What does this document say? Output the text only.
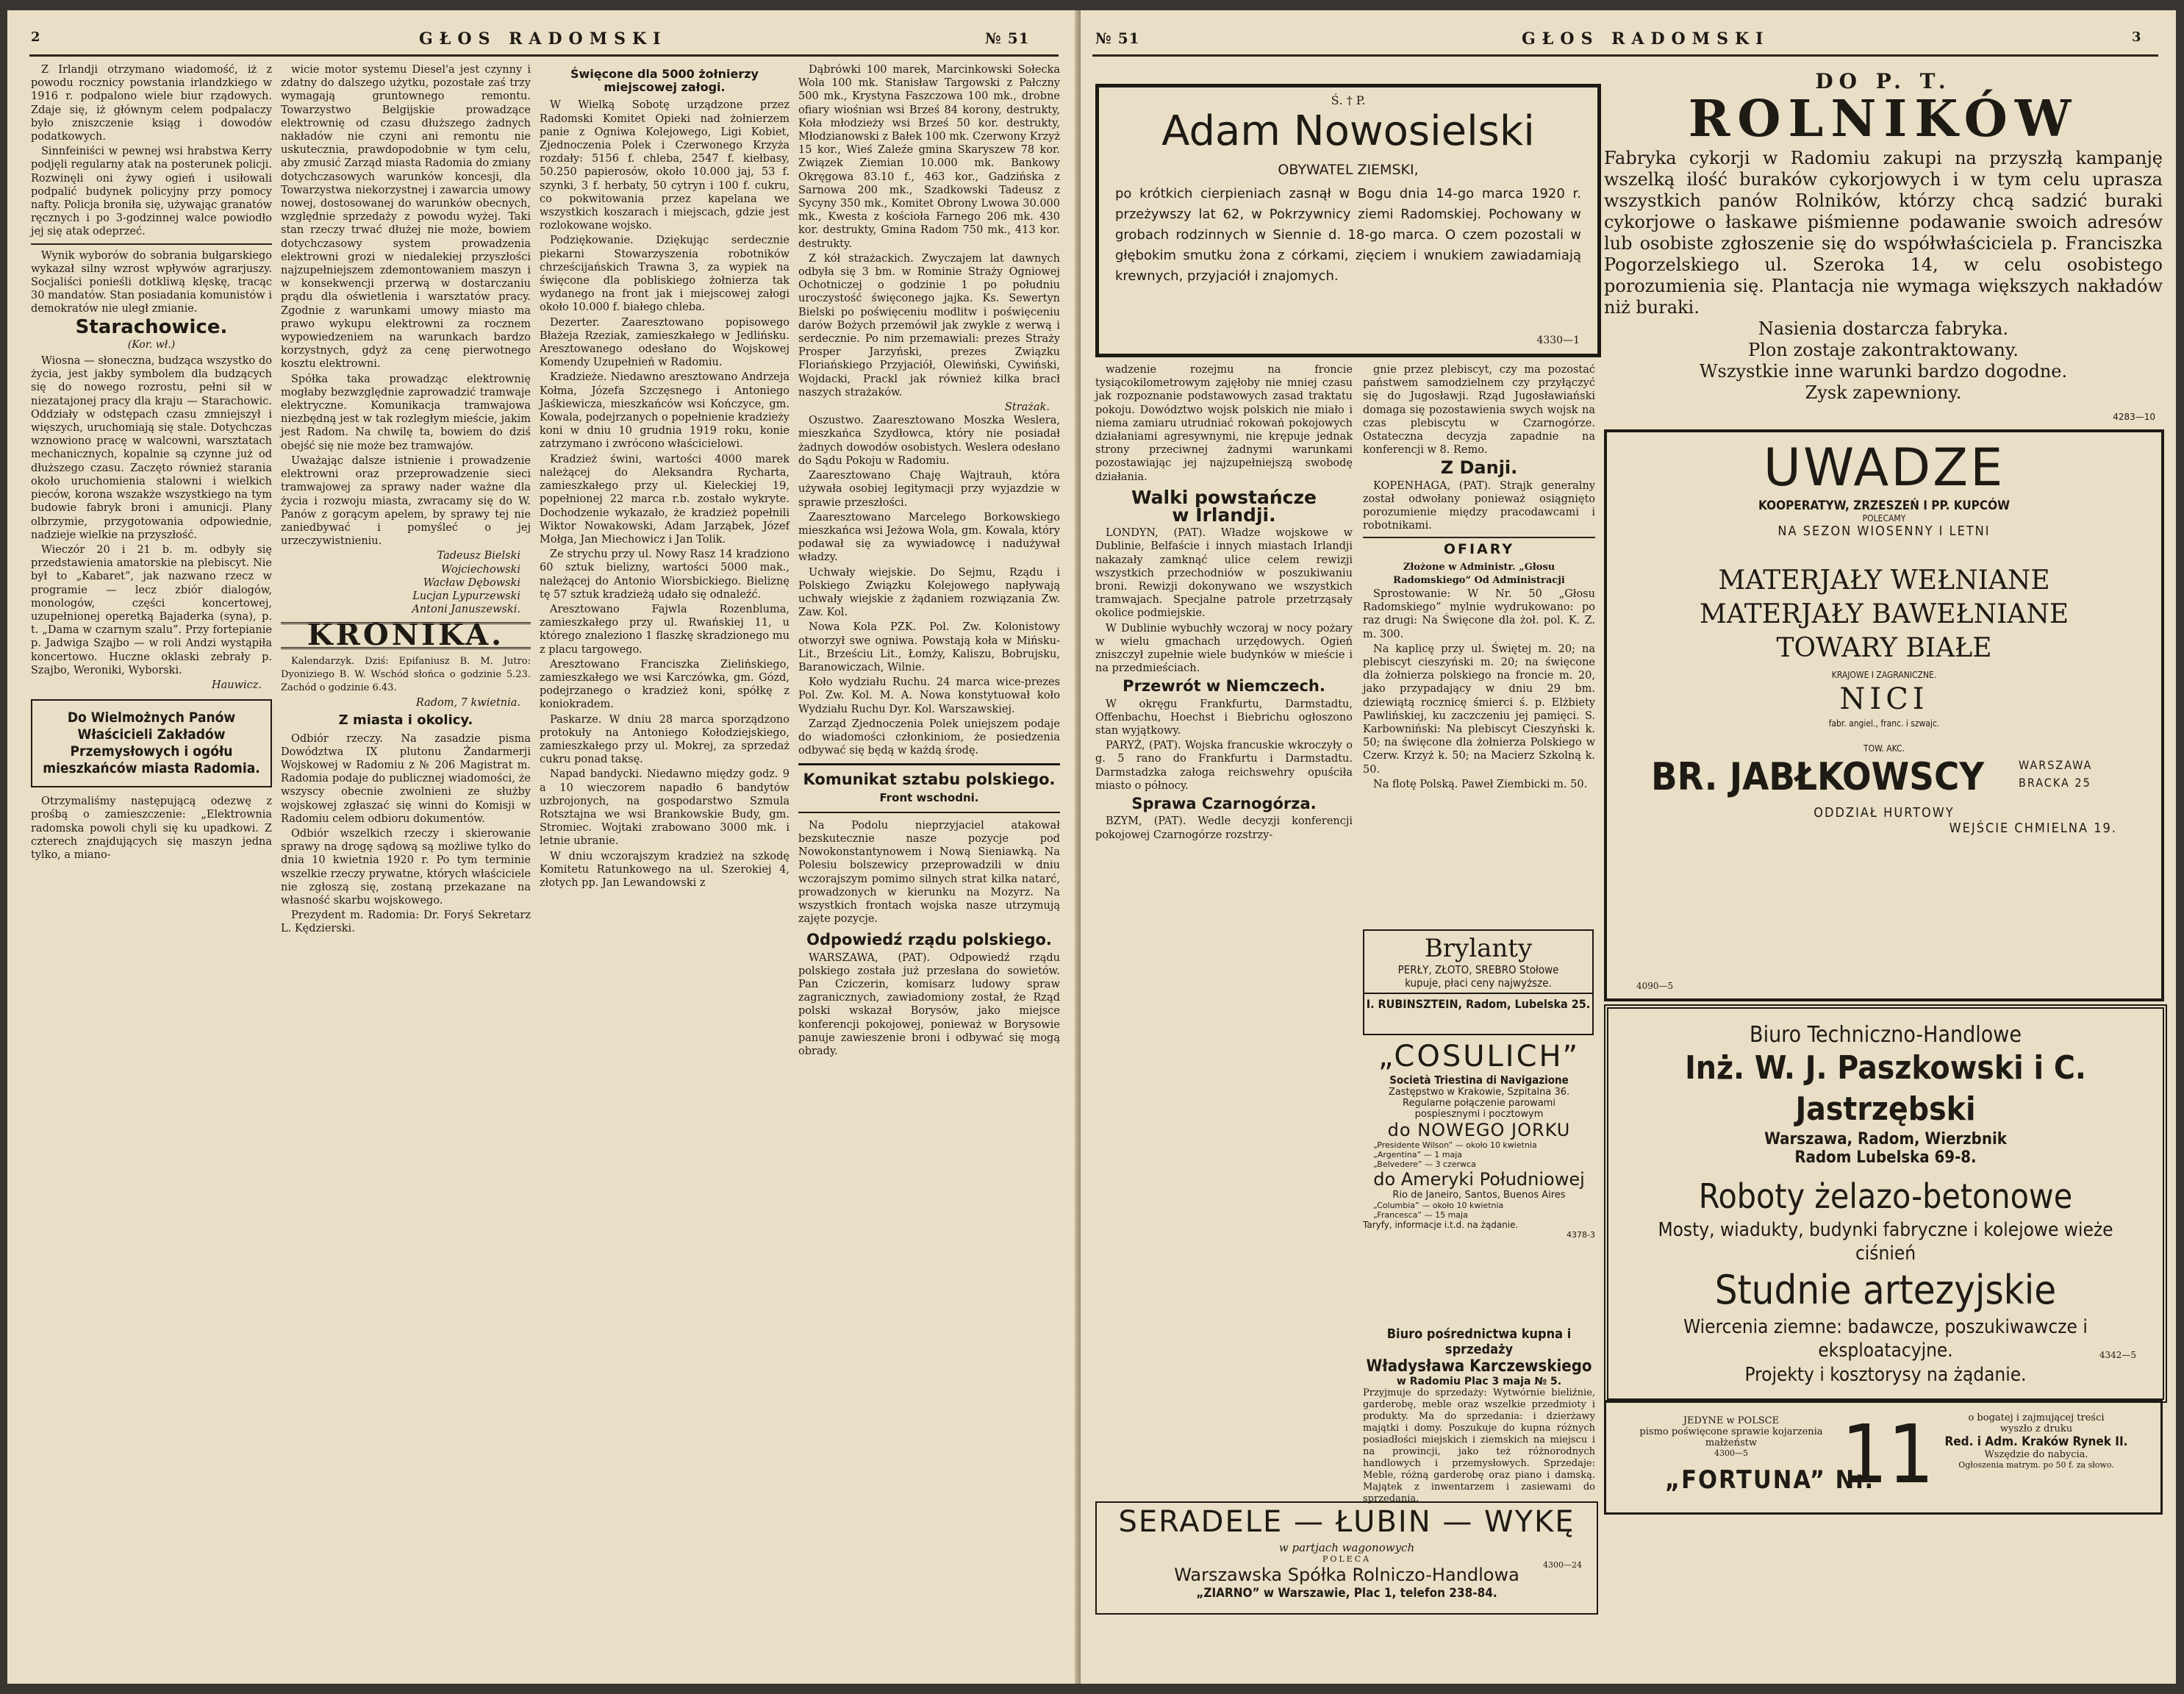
2	GŁOS RADOMSKI	№ 51

Z Irlandji otrzymano wiadomość, iż z powodu rocznicy powstania irlandzkiego w 1916 r. podpalono wiele biur rządowych. Zdaje się, iż głównym celem podpalaczy było zniszczenie ksiąg i dowodów podatkowych.

Sinnfeiniści w pewnej wsi hrabstwa Kerry podjęli regularny atak na posterunek policji. Rozwinęli oni żywy ogień i usiłowali podpalić budynek policyjny przy pomocy nafty. Policja broniła się, używając granatów ręcznych i po 3-godzinnej walce powiodło jej się atak odeprzeć.

Wynik wyborów do sobrania bułgarskiego wykazał silny wzrost wpływów agrarjuszy. Socjaliści ponieśli dotkliwą klęskę, tracąc 30 mandatów. Stan posiadania komunistów i demokratów nie uległ zmianie.

Starachowice.
(Kor. wł.)

Wiosna — słoneczna, budząca wszystko do życia, jest jakby symbolem dla budzących się do nowego rozrostu, pełni sił w niezatajonej pracy dla kraju — Starachowic. Oddziały w odstępach czasu zmniejszył i więszych, uruchomiają się stale. Dotychczas wznowiono pracę w walcowni, warsztatach mechanicznych, kopalnie są czynne już od dłuższego czasu. Zaczęto również starania około uruchomienia stalowni i wielkich pieców, korona wszakże wszystkiego na tym budowie fabryk broni i amunicji. Plany olbrzymie, przygotowania odpowiednie, nadzieje wielkie na przyszłość.

Wieczór 20 i 21 b. m. odbyły się przedstawienia amatorskie na plebiscyt. Nie był to „Kabaret”, jak nazwano rzecz w programie — lecz zbiór dialogów, monologów, części koncertowej, uzupełnionej operetką Bajaderka (syna), p. t. „Dama w czarnym szalu”. Przy fortepianie p. Jadwiga Szajbo — w roli Andzi wystąpiła koncertowo. Huczne oklaski zebrały p. Szajbo, Weroniki, Wyborski.

Hauwicz.
Do Wielmożnych Panów Właścicieli Zakładów Przemysłowych i ogółu mieszkańców miasta Radomia.

Otrzymaliśmy następującą odezwę z prośbą o zamieszczenie: „Elektrownia radomska powoli chyli się ku upadkowi. Z czterech znajdujących się maszyn jedna tylko, a miano-

wicie motor systemu Diesel'a jest czynny i zdatny do dalszego użytku, pozostałe zaś trzy wymagają gruntownego remontu. Towarzystwo Belgijskie prowadzące elektrownię od czasu dłuższego żadnych nakładów nie czyni ani remontu nie uskutecznia, prawdopodobnie w tym celu, aby zmusić Zarząd miasta Radomia do zmiany dotychczasowych warunków koncesji, dla Towarzystwa niekorzystnej i zawarcia umowy nowej, dostosowanej do warunków obecnych, względnie sprzedaży z powodu wyżej. Taki stan rzeczy trwać dłużej nie może, bowiem dotychczasowy system prowadzenia elektrowni grozi w niedalekiej przyszłości najzupełniejszem zdemontowaniem maszyn i w konsekwencji przerwą w dostarczaniu prądu dla oświetlenia i warsztatów pracy. Zgodnie z warunkami umowy miasto ma prawo wykupu elektrowni za rocznem wypowiedzeniem na warunkach bardzo korzystnych, gdyż za cenę pierwotnego kosztu elektrowni.

Spółka taka prowadząc elektrownię mogłaby bezwzględnie zaprowadzić tramwaje elektryczne. Komunikacja tramwajowa niezbędną jest w tak rozległym mieście, jakim jest Radom. Na chwilę ta, bowiem do dziś obejść się nie może bez tramwajów.

Uważając dalsze istnienie i prowadzenie elektrowni oraz przeprowadzenie sieci tramwajowej za sprawy nader ważne dla życia i rozwoju miasta, zwracamy się do W. Panów z gorącym apelem, by sprawy tej nie zaniedbywać i pomyśleć o jej urzeczywistnieniu.

Tadeusz Bielski
Wojciechowski
Wacław Dębowski
Lucjan Lypurzewski
Antoni Januszewski.
KRONIKA.

Kalendarzyk. Dziś: Epifaniusz B. M. Jutro: Dyoniziego B. W. Wschód słońca o godzinie 5.23. Zachód o godzinie 6.43.

Radom, 7 kwietnia.
Z miasta i okolicy.

Odbiór rzeczy. Na zasadzie pisma Dowództwa IX plutonu Żandarmerji Wojskowej w Radomiu z № 206 Magistrat m. Radomia podaje do publicznej wiadomości, że wszyscy obecnie zwolnieni ze służby wojskowej zgłaszać się winni do Komisji w Radomiu celem odbioru dokumentów.

Odbiór wszelkich rzeczy i skierowanie sprawy na drogę sądową są możliwe tylko do dnia 10 kwietnia 1920 r. Po tym terminie wszelkie rzeczy prywatne, których właściciele nie zgłoszą się, zostaną przekazane na własność skarbu wojskowego.

Prezydent m. Radomia: Dr. Foryś Sekretarz L. Kędzierski.

Święcone dla 5000 żołnierzy miejscowej załogi.

W Wielką Sobotę urządzone przez Radomski Komitet Opieki nad żołnierzem panie z Ogniwa Kolejowego, Ligi Kobiet, Zjednoczenia Polek i Czerwonego Krzyża rozdały: 5156 f. chleba, 2547 f. kiełbasy, 50.250 papierosów, około 10.000 jaj, 53 f. szynki, 3 f. herbaty, 50 cytryn i 100 f. cukru, co pokwitowania przez kapelana we wszystkich koszarach i miejscach, gdzie jest rozlokowane wojsko.

Podziękowanie. Dziękując serdecznie piekarni Stowarzyszenia robotników chrześcijańskich Trawna 3, za wypiek na święcone dla pobliskiego żołnierza tak wydanego na front jak i miejscowej załogi około 10.000 f. białego chleba.

Dezerter. Zaaresztowano popisowego Błażeja Rzeziak, zamieszkałego w Jedlińsku. Aresztowanego odesłano do Wojskowej Komendy Uzupełnień w Radomiu.

Kradzieże. Niedawno aresztowano Andrzeja Kołma, Józefa Szczęsnego i Antoniego Jaśkiewicza, mieszkańców wsi Kończyce, gm. Kowala, podejrzanych o popełnienie kradzieży koni w dniu 10 grudnia 1919 roku, konie zatrzymano i zwrócono właścicielowi.

Kradzież świni, wartości 4000 marek należącej do Aleksandra Rycharta, zamieszkałego przy ul. Kieleckiej 19, popełnionej 22 marca r.b. zostało wykryte. Dochodzenie wykazało, że kradzież popełnili Wiktor Nowakowski, Adam Jarząbek, Józef Mołga, Jan Miechowicz i Jan Tolik.

Ze strychu przy ul. Nowy Rasz 14 kradziono 60 sztuk bielizny, wartości 5000 mak., należącej do Antonio Wiorsbickiego. Bieliznę tę 57 sztuk kradzieżą udało się odnaleźć.

Aresztowano Fajwla Rozenbluma, zamieszkałego przy ul. Rwańskiej 11, u którego znaleziono 1 flaszkę skradzionego mu z placu targowego.

Aresztowano Franciszka Zielińskiego, zamieszkałego we wsi Karczówka, gm. Gózd, podejrzanego o kradzież koni, spółkę z koniokradem.

Paskarze. W dniu 28 marca sporządzono protokuły na Antoniego Kołodziejskiego, zamieszkałego przy ul. Mokrej, za sprzedaż cukru ponad taksę.

Napad bandycki. Niedawno między godz. 9 a 10 wieczorem napadło 6 bandytów uzbrojonych, na gospodarstwo Szmula Rotsztajna we wsi Brankowskie Budy, gm. Stromiec. Wojtaki zrabowano 3000 mk. i letnie ubranie.

W dniu wczorajszym kradzież na szkodę Komitetu Ratunkowego na ul. Szerokiej 4, złotych pp. Jan Lewandowski z

Dąbrówki 100 marek, Marcinkowski Sołecka Wola 100 mk. Stanisław Targowski z Pałczny 500 mk., Krystyna Faszczowa 100 mk., drobne ofiary wiośnian wsi Brześ 84 korony, destrukty, Koła młodzieży wsi Brześ 50 kor. destrukty, Młodzianowski z Bałek 100 mk. Czerwony Krzyż 15 kor., Wieś Zaleźe gmina Skaryszew 78 kor. Związek Ziemian 10.000 mk. Bankowy Okręgowa 83.10 f., 463 kor., Gadzińska z Sarnowa 200 mk., Szadkowski Tadeusz z Sycyny 350 mk., Komitet Obrony Lwowa 30.000 mk., Kwesta z kościoła Farnego 206 mk. 430 kor. destrukty, Gmina Radom 750 mk., 413 kor. destrukty.

Z kół strażackich. Zwyczajem lat dawnych odbyła się 3 bm. w Rominie Straży Ogniowej Ochotniczej o godzinie 1 po południu uroczystość święconego jajka. Ks. Sewertyn Bielski po poświęceniu modlitw i poświęceniu darów Bożych przemówił jak zwykle z werwą i serdecznie. Po nim przemawiali: prezes Straży Prosper Jarzyński, prezes Związku Floriańskiego Przyjaciół, Olewiński, Cywiński, Wojdacki, Prackl jak również kilka bracł naszych strażaków.

Strażak.

Oszustwo. Zaaresztowano Moszka Weslera, mieszkańca Szydłowca, który nie posiadał żadnych dowodów osobistych. Weslera odesłano do Sądu Pokoju w Radomiu.

Zaaresztowano Chaję Wajtrauh, która używała osobiej legitymacji przy wyjazdzie w sprawie przeszłości.

Zaaresztowano Marcelego Borkowskiego mieszkańca wsi Jeżowa Wola, gm. Kowala, który podawał się za wywiadowcę i nadużywał władzy.

Uchwały wiejskie. Do Sejmu, Rządu i Polskiego Związku Kolejowego napływają uchwały wiejskie z żądaniem rozwiązania Zw. Zaw. Kol.

Nowa Kola PZK. Pol. Zw. Kolonistowy otworzył swe ogniwa. Powstają koła w Mińsku-Lit., Brześciu Lit., Łomży, Kaliszu, Bobrujsku, Baranowiczach, Wilnie.

Koło wydziału Ruchu. 24 marca wice-prezes Pol. Zw. Kol. M. A. Nowa konstytuował koło Wydziału Ruchu Dyr. Kol. Warszawskiej.

Zarząd Zjednoczenia Polek uniejszem podaje do wiadomości członkiniom, że posiedzenia odbywać się będą w każdą środę.

Komunikat sztabu polskiego.
Front wschodni.

Na Podolu nieprzyjaciel atakował bezskutecznie nasze pozycje pod Nowokonstantynowem i Nową Sieniawką. Na Polesiu bolszewicy przeprowadzili w dniu wczorajszym pomimo silnych strat kilka natarć, prowadzonych w kierunku na Mozyrz. Na wszystkich frontach wojska nasze utrzymują zajęte pozycje.

Odpowiedź rządu polskiego.

WARSZAWA, (PAT). Odpowiedź rządu polskiego została już przesłana do sowietów. Pan Cziczerin, komisarz ludowy spraw zagranicznych, zawiadomiony został, że Rząd polski wskazał Borysów, jako miejsce konferencji pokojowej, ponieważ w Borysowie panuje zawieszenie broni i odbywać się mogą obrady.

№ 51	GŁOS RADOMSKI	3
Ś. † P.
Adam Nowosielski
OBYWATEL ZIEMSKI,
po krótkich cierpieniach zasnął w Bogu dnia 14-go marca 1920 r. przeżywszy lat 62, w Pokrzywnicy ziemi Radomskiej. Pochowany w grobach rodzinnych w Siennie d. 18-go marca. O czem pozostali w głębokim smutku żona z córkami, zięciem i wnukiem zawiadamiają krewnych, przyjaciół i znajomych.
4330—1

wadzenie rozejmu na froncie tysiącokilometrowym zajęłoby nie mniej czasu jak rozpoznanie podstawowych zasad traktatu pokoju. Dowództwo wojsk polskich nie miało i niema zamiaru utrudniać rokowań pokojowych działaniami agresywnymi, nie krępuje jednak strony przeciwnej żadnymi warunkami pozostawiając jej najzupełniejszą swobodę działania.

Walki powstańcze
w Irlandji.

LONDYN, (PAT). Władze wojskowe w Dublinie, Belfaście i innych miastach Irlandji nakazały zamknąć ulice celem rewizji wszystkich przechodniów w poszukiwaniu broni. Rewizji dokonywano we wszystkich tramwajach. Specjalne patrole przetrząsały okolice podmiejskie.

W Dublinie wybuchły wczoraj w nocy pożary w wielu gmachach urzędowych. Ogień zniszczył zupełnie wiele budynków w mieście i na przedmieściach.

Przewrót w Niemczech.

W okręgu Frankfurtu, Darmstadtu, Offenbachu, Hoechst i Biebrichu ogłoszono stan wyjątkowy.

PARYŻ, (PAT). Wojska francuskie wkroczyły o g. 5 rano do Frankfurtu i Darmstadtu. Darmstadzka załoga reichswehry opuściła miasto o północy.

Sprawa Czarnogórza.

BZYM, (PAT). Wedle decyzji konferencji pokojowej Czarnogórze rozstrzy-

gnie przez plebiscyt, czy ma pozostać państwem samodzielnem czy przyłączyć się do Jugosławji. Rząd Jugosławiański domaga się pozostawienia swych wojsk na czas plebiscytu w Czarnogórze. Ostateczna decyzja zapadnie na konferencji w 8. Remo.

Z Danji.

KOPENHAGA, (PAT). Strajk generalny został odwołany ponieważ osiągnięto porozumienie między pracodawcami i robotnikami.

OFIARY
Złożone w Administr. „Głosu Radomskiego” Od Administracji

Sprostowanie: W Nr. 50 „Głosu Radomskiego” mylnie wydrukowano: po raz drugi: Na Święcone dla żoł. pol. K. Z. m. 300.

Na kaplicę przy ul. Świętej m. 20; na plebiscyt cieszyński m. 20; na święcone dla żołnierza polskiego na froncie m. 20, jako przypadający w dniu 29 bm. dziewiątą rocznicę śmierci ś. p. Elżbiety Pawlińskiej, ku zaczczeniu jej pamięci. S. Karbowniński: Na plebiscyt Cieszyński k. 50; na święcone dla żołnierza Polskiego w Czerw. Krzyż k. 50; na Macierz Szkolną k. 50.

Na flotę Polską. Paweł Ziembicki m. 50.

Brylanty
PERŁY, ZŁOTO, SREBRO Stołowe
kupuje, płaci ceny najwyższe.
I. RUBINSZTEIN, Radom, Lubelska 25.
„COSULICH”
Società Triestina di Navigazione
Zastępstwo w Krakowie, Szpitalna 36.
Regularne połączenie parowami
pospiesznymi i pocztowym
do NOWEGO JORKU
„Presidente Wilson” — około 10 kwietnia
„Argentina” — 1 maja
„Belvedere” — 3 czerwca
do Ameryki Południowej
Rio de Janeiro, Santos, Buenos Aires
„Columbia” — około 10 kwietnia
„Francesca” — 15 maja
Taryfy, informacje i.t.d. na żądanie.
4378-3
Biuro pośrednictwa kupna i sprzedaży
Władysława Karczewskiego
w Radomiu Plac 3 maja № 5.
Przyjmuje do sprzedaży: Wytwórnie bieliźnie, garderobę, meble oraz wszelkie przedmioty i produkty. Ma do sprzedania: i dzierżawy majątki i domy. Poszukuje do kupna różnych posiadłości miejskich i ziemskich na miejscu i na prowincji, jako też różnorodnych handlowych i przemysłowych. Sprzedaje: Meble, różną garderobę oraz piano i damską. Majątek z inwentarzem i zasiewami do sprzedania.
DO P. T.
ROLNIKÓW
Fabryka cykorji w Radomiu zakupi na przyszłą kampanję wszelką ilość buraków cykorjowych i w tym celu uprasza wszystkich panów Rolników, którzy chcą sadzić buraki cykorjowe o łaskawe piśmienne podawanie swoich adresów lub osobiste zgłoszenie się do współwłaściciela p. Franciszka Pogorzelskiego ul. Szeroka 14, w celu osobistego porozumienia się. Plantacja nie wymaga większych nakładów niż buraki.
Nasienia dostarcza fabryka.
Plon zostaje zakontraktowany.
Wszystkie inne warunki bardzo dogodne.
Zysk zapewniony.
4283—10
UWADZE
KOOPERATYW, ZRZESZEŃ I PP. KUPCÓW
POLECAMY
NA SEZON WIOSENNY I LETNI
MATERJAŁY WEŁNIANE
MATERJAŁY BAWEŁNIANE
TOWARY BIAŁE
KRAJOWE I ZAGRANICZNE.
NICI
fabr. angiel., franc. i szwajc.
TOW. AKC.
BR. JABŁKOWSCY	WARSZAWA
BRACKA 25
ODDZIAŁ HURTOWY
WEJŚCIE CHMIELNA 19.
4090—5
Biuro Techniczno-Handlowe
Inż. W. J. Paszkowski i C. Jastrzębski
Warszawa, Radom, Wierzbnik
Radom Lubelska 69-8.
Roboty żelazo-betonowe
Mosty, wiadukty, budynki fabryczne i kolejowe wieże ciśnień
Studnie artezyjskie
Wiercenia ziemne: badawcze, poszukiwawcze i eksploatacyjne.
Projekty i kosztorysy na żądanie.
4342—5
SERADELE — ŁUBIN — WYKĘ
w partjach wagonowych
POLECA
Warszawska Spółka Rolniczo-Handlowa
„ZIARNO” w Warszawie, Plac 1, telefon 238-84.
4300—24
JEDYNE w POLSCE
pismo poświęcone sprawie kojarzenia
małżeństw
4300—5
„FORTUNA” Nr.
11	o bogatej i zajmującej treści
wyszło z druku
Red. i Adm. Kraków Rynek II.
Wszędzie do nabycia.
Ogłoszenia matrym. po 50 f. za słowo.
